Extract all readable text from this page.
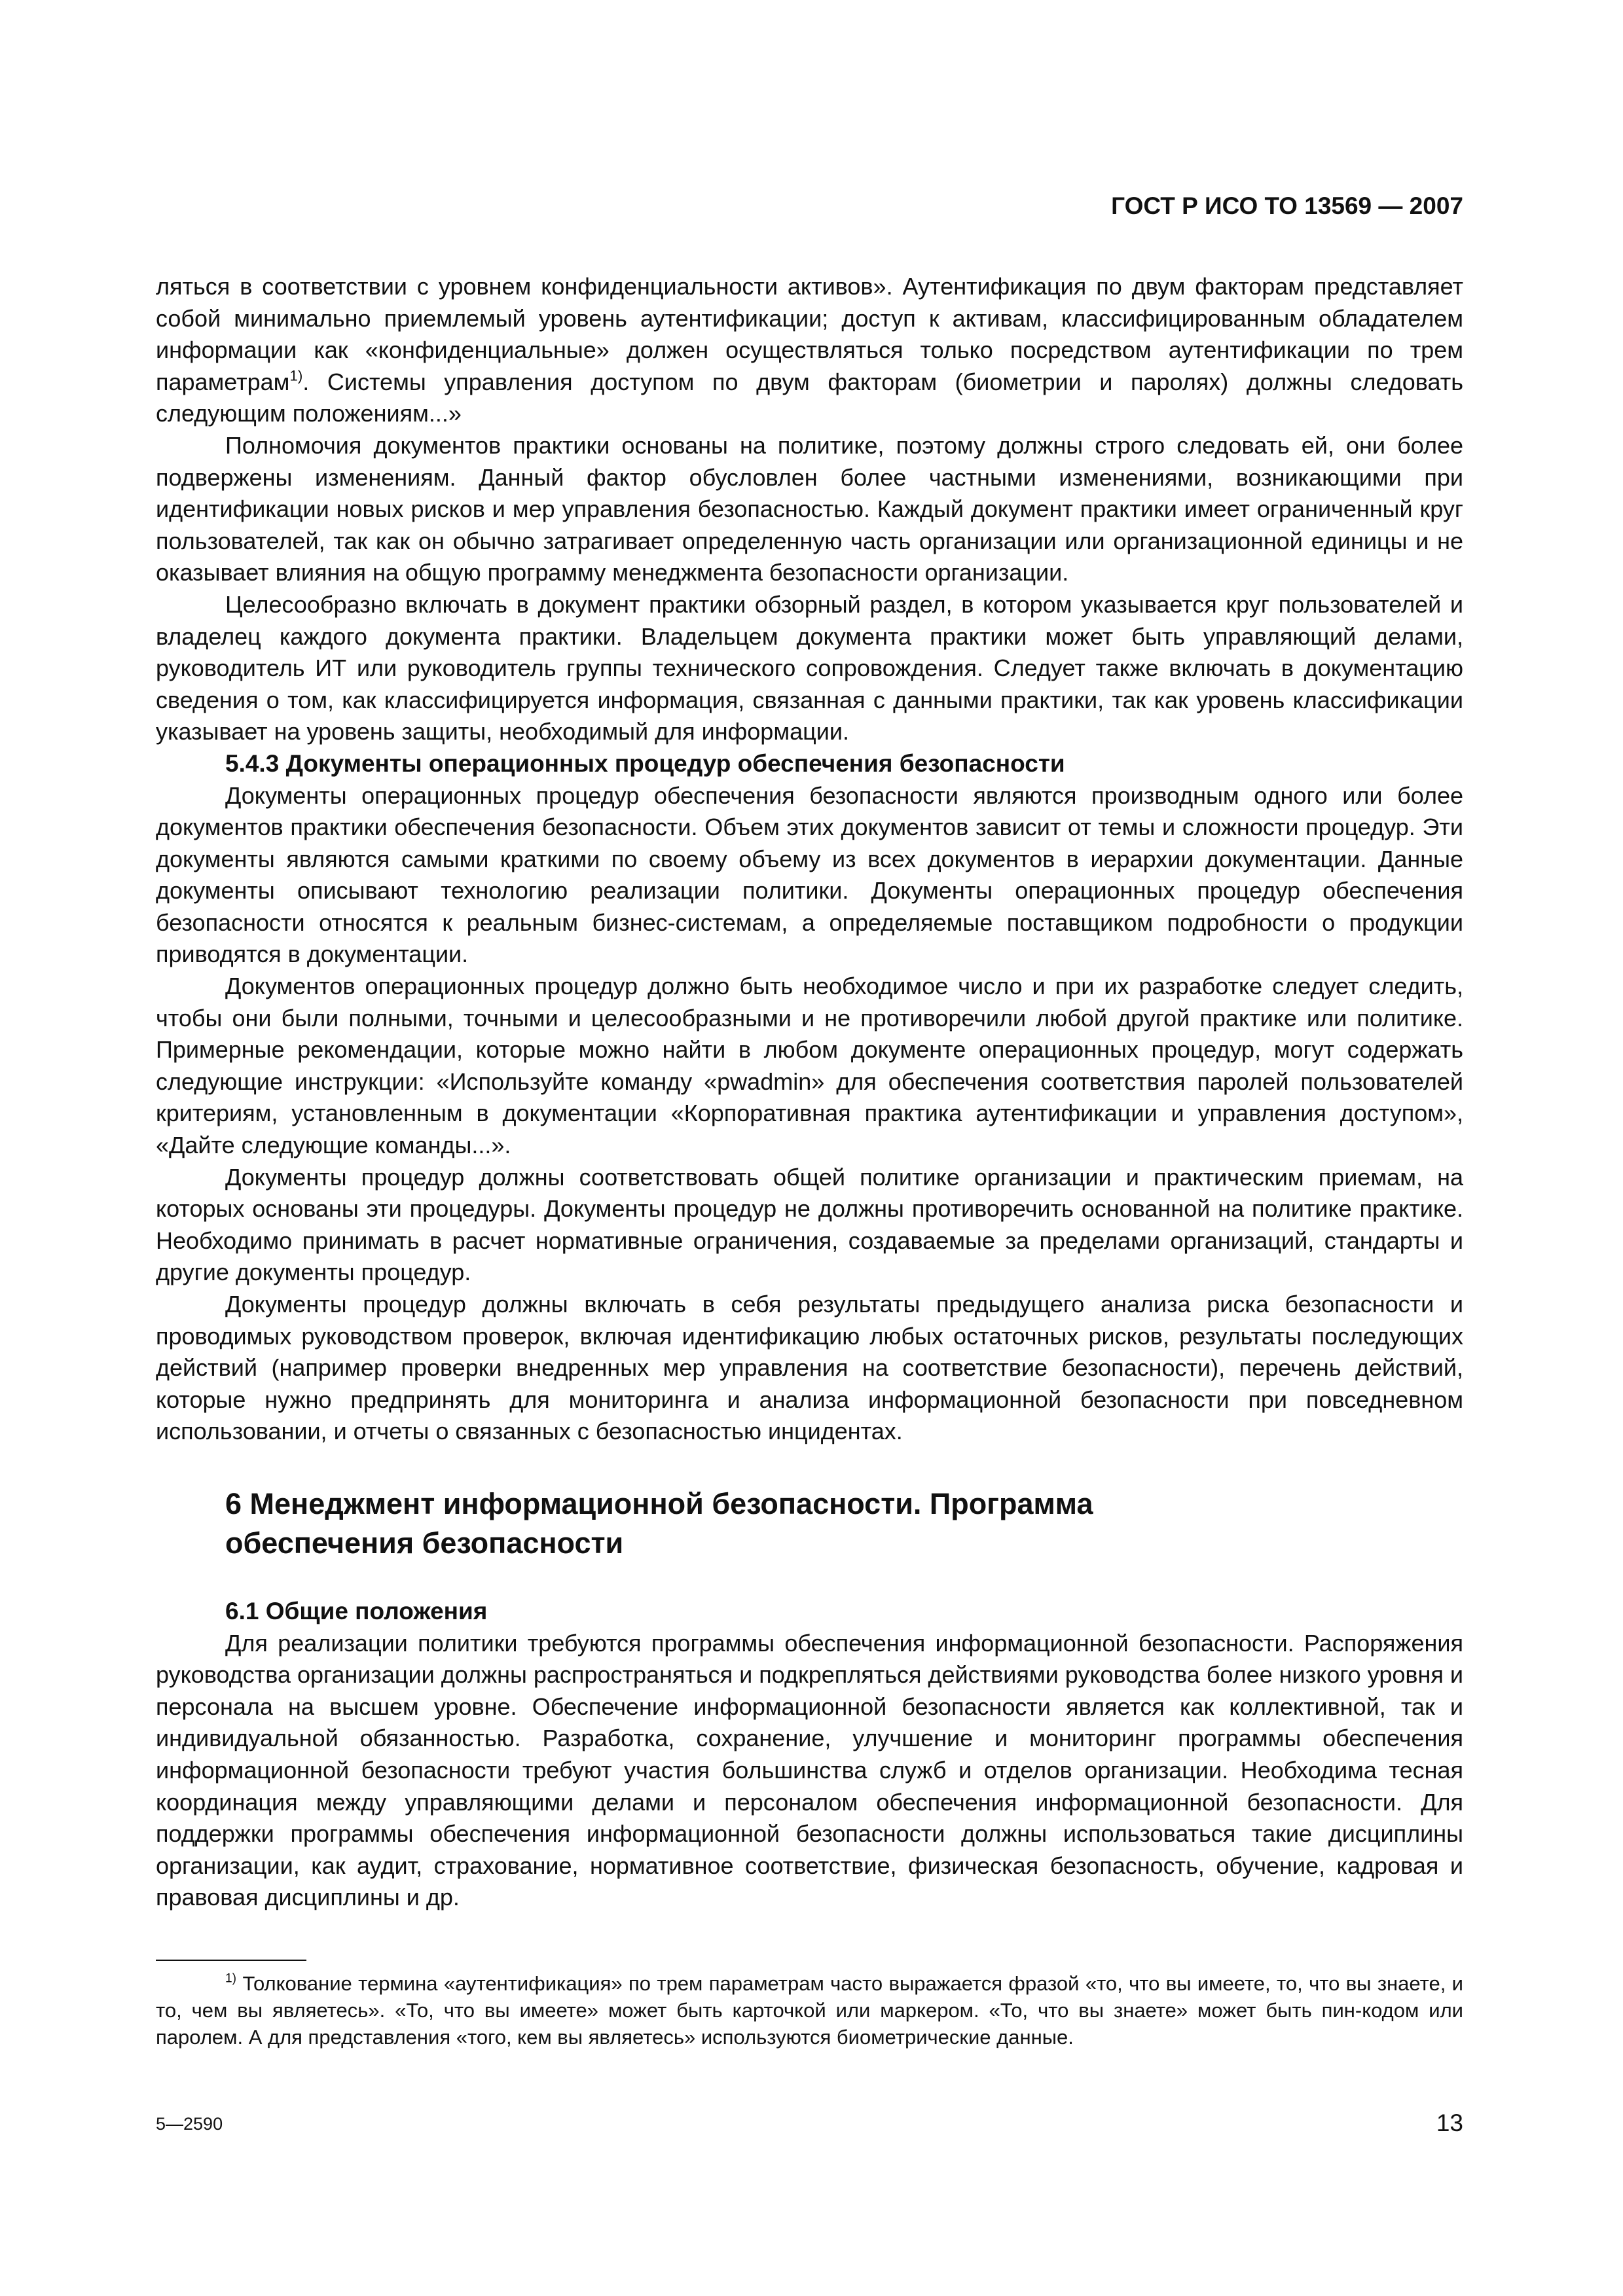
ГОСТ Р ИСО ТО 13569 — 2007

ляться в соответствии с уровнем конфиденциальности активов». Аутентификация по двум факторам представляет собой минимально приемлемый уровень аутентификации; доступ к активам, классифицированным обладателем информации как «конфиденциальные» должен осуществляться только посредством аутентификации по трем параметрам$^{1)}$. Системы управления доступом по двум факторам (биометрии и паролях) должны следовать следующим положениям...»

Полномочия документов практики основаны на политике, поэтому должны строго следовать ей, они более подвержены изменениям. Данный фактор обусловлен более частными изменениями, возникающими при идентификации новых рисков и мер управления безопасностью. Каждый документ практики имеет ограниченный круг пользователей, так как он обычно затрагивает определенную часть организации или организационной единицы и не оказывает влияния на общую программу менеджмента безопасности организации.

Целесообразно включать в документ практики обзорный раздел, в котором указывается круг пользователей и владелец каждого документа практики. Владельцем документа практики может быть управляющий делами, руководитель ИТ или руководитель группы технического сопровождения. Следует также включать в документацию сведения о том, как классифицируется информация, связанная с данными практики, так как уровень классификации указывает на уровень защиты, необходимый для информации.

5.4.3 Документы операционных процедур обеспечения безопасности

Документы операционных процедур обеспечения безопасности являются производным одного или более документов практики обеспечения безопасности. Объем этих документов зависит от темы и сложности процедур. Эти документы являются самыми краткими по своему объему из всех документов в иерархии документации. Данные документы описывают технологию реализации политики. Документы операционных процедур обеспечения безопасности относятся к реальным бизнес-системам, а определяемые поставщиком подробности о продукции приводятся в документации.

Документов операционных процедур должно быть необходимое число и при их разработке следует следить, чтобы они были полными, точными и целесообразными и не противоречили любой другой практике или политике. Примерные рекомендации, которые можно найти в любом документе операционных процедур, могут содержать следующие инструкции: «Используйте команду «pwadmin» для обеспечения соответствия паролей пользователей критериям, установленным в документации «Корпоративная практика аутентификации и управления доступом», «Дайте следующие команды...».

Документы процедур должны соответствовать общей политике организации и практическим приемам, на которых основаны эти процедуры. Документы процедур не должны противоречить основанной на политике практике. Необходимо принимать в расчет нормативные ограничения, создаваемые за пределами организаций, стандарты и другие документы процедур.

Документы процедур должны включать в себя результаты предыдущего анализа риска безопасности и проводимых руководством проверок, включая идентификацию любых остаточных рисков, результаты последующих действий (например проверки внедренных мер управления на соответствие безопасности), перечень действий, которые нужно предпринять для мониторинга и анализа информационной безопасности при повседневном использовании, и отчеты о связанных с безопасностью инцидентах.

6 Менеджмент информационной безопасности. Программа
обеспечения безопасности
6.1 Общие положения

Для реализации политики требуются программы обеспечения информационной безопасности. Распоряжения руководства организации должны распространяться и подкрепляться действиями руководства более низкого уровня и персонала на высшем уровне. Обеспечение информационной безопасности является как коллективной, так и индивидуальной обязанностью. Разработка, сохранение, улучшение и мониторинг программы обеспечения информационной безопасности требуют участия большинства служб и отделов организации. Необходима тесная координация между управляющими делами и персоналом обеспечения информационной безопасности. Для поддержки программы обеспечения информационной безопасности должны использоваться такие дисциплины организации, как аудит, страхование, нормативное соответствие, физическая безопасность, обучение, кадровая и правовая дисциплины и др.

$^{1)}$ Толкование термина «аутентификация» по трем параметрам часто выражается фразой «то, что вы имеете, то, что вы знаете, и то, чем вы являетесь». «То, что вы имеете» может быть карточкой или маркером. «То, что вы знаете» может быть пин-кодом или паролем. А для представления «того, кем вы являетесь» используются биометрические данные.

5—2590	13
